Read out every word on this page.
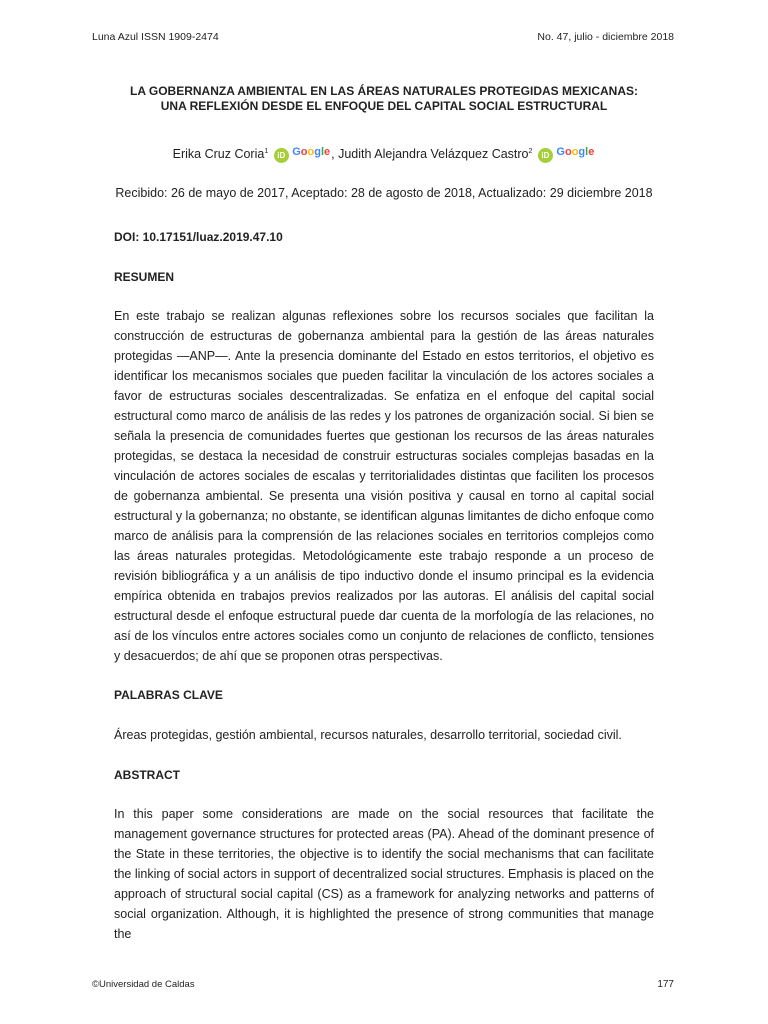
Luna Azul ISSN 1909-2474	No. 47, julio - diciembre 2018
LA GOBERNANZA AMBIENTAL EN LAS ÁREAS NATURALES PROTEGIDAS MEXICANAS:
UNA REFLEXIÓN DESDE EL ENFOQUE DEL CAPITAL SOCIAL ESTRUCTURAL
Erika Cruz Coria$^1$ iD Google, Judith Alejandra Velázquez Castro$^2$ iD Google
Recibido: 26 de mayo de 2017, Aceptado: 28 de agosto de 2018, Actualizado: 29 diciembre 2018
DOI: 10.17151/luaz.2019.47.10
RESUMEN

En este trabajo se realizan algunas reflexiones sobre los recursos sociales que facilitan la construcción de estructuras de gobernanza ambiental para la gestión de las áreas naturales protegidas —ANP—. Ante la presencia dominante del Estado en estos territorios, el objetivo es identificar los mecanismos sociales que pueden facilitar la vinculación de los actores sociales a favor de estructuras sociales descentralizadas. Se enfatiza en el enfoque del capital social estructural como marco de análisis de las redes y los patrones de organización social. Si bien se señala la presencia de comunidades fuertes que gestionan los recursos de las áreas naturales protegidas, se destaca la necesidad de construir estructuras sociales complejas basadas en la vinculación de actores sociales de escalas y territorialidades distintas que faciliten los procesos de gobernanza ambiental. Se presenta una visión positiva y causal en torno al capital social estructural y la gobernanza; no obstante, se identifican algunas limitantes de dicho enfoque como marco de análisis para la comprensión de las relaciones sociales en territorios complejos como las áreas naturales protegidas. Metodológicamente este trabajo responde a un proceso de revisión bibliográfica y a un análisis de tipo inductivo donde el insumo principal es la evidencia empírica obtenida en trabajos previos realizados por las autoras. El análisis del capital social estructural desde el enfoque estructural puede dar cuenta de la morfología de las relaciones, no así de los vínculos entre actores sociales como un conjunto de relaciones de conflicto, tensiones y desacuerdos; de ahí que se proponen otras perspectivas.

PALABRAS CLAVE

Áreas protegidas, gestión ambiental, recursos naturales, desarrollo territorial, sociedad civil.

ABSTRACT

In this paper some considerations are made on the social resources that facilitate the management governance structures for protected areas (PA). Ahead of the dominant presence of the State in these territories, the objective is to identify the social mechanisms that can facilitate the linking of social actors in support of decentralized social structures. Emphasis is placed on the approach of structural social capital (CS) as a framework for analyzing networks and patterns of social organization. Although, it is highlighted the presence of strong communities that manage the

©Universidad de Caldas	177
